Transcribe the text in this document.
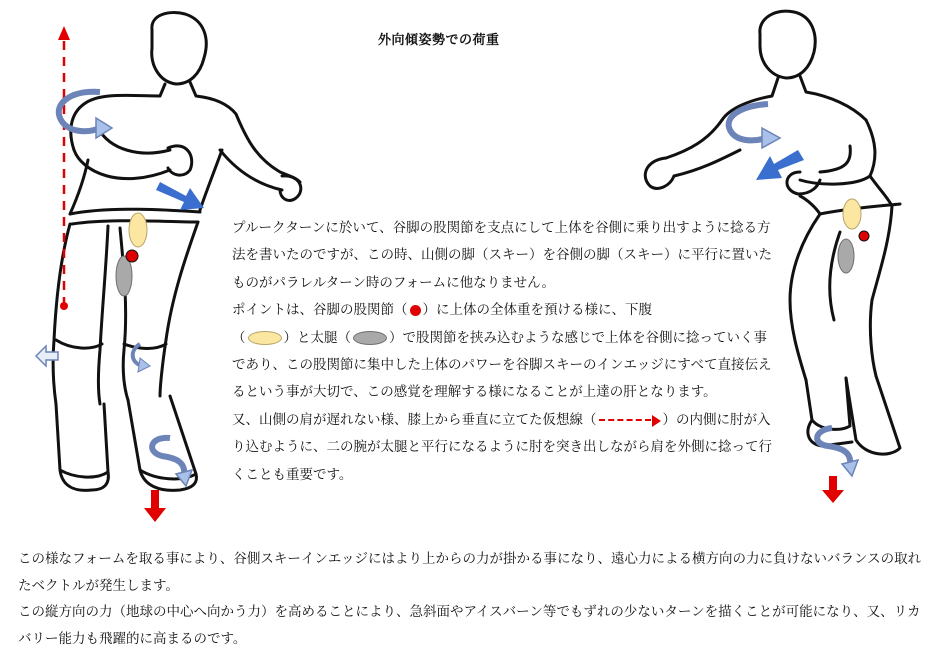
外向傾姿勢での荷重

プルークターンに於いて、谷脚の股関節を支点にして上体を谷側に乗り出すように捻る方法を書いたのですが、この時、山側の脚（スキー）を谷側の脚（スキー）に平行に置いたものがパラレルターン時のフォームに他なりません。

ポイントは、谷脚の股関節（ ）に上体の全体重を預ける様に、下腹
（	）と太腿（	）で股関節を挟み込むような感じで上体を谷側に捻っていく事であり、この股関節に集中した上体のパワーを谷脚スキーのインエッジにすべて直接伝えるという事が大切で、この感覚を理解する様になることが上達の肝となります。

又、山側の肩が遅れない様、膝上から垂直に立てた仮想線（	）の内側に肘が入り込むように、二の腕が太腿と平行になるように肘を突き出しながら肩を外側に捻って行くことも重要です。

この様なフォームを取る事により、谷側スキーインエッジにはより上からの力が掛かる事になり、遠心力による横方向の力に負けないバランスの取れたベクトルが発生します。

この縦方向の力（地球の中心へ向かう力）を高めることにより、急斜面やアイスバーン等でもずれの少ないターンを描くことが可能になり、又、リカバリー能力も飛躍的に高まるのです。
